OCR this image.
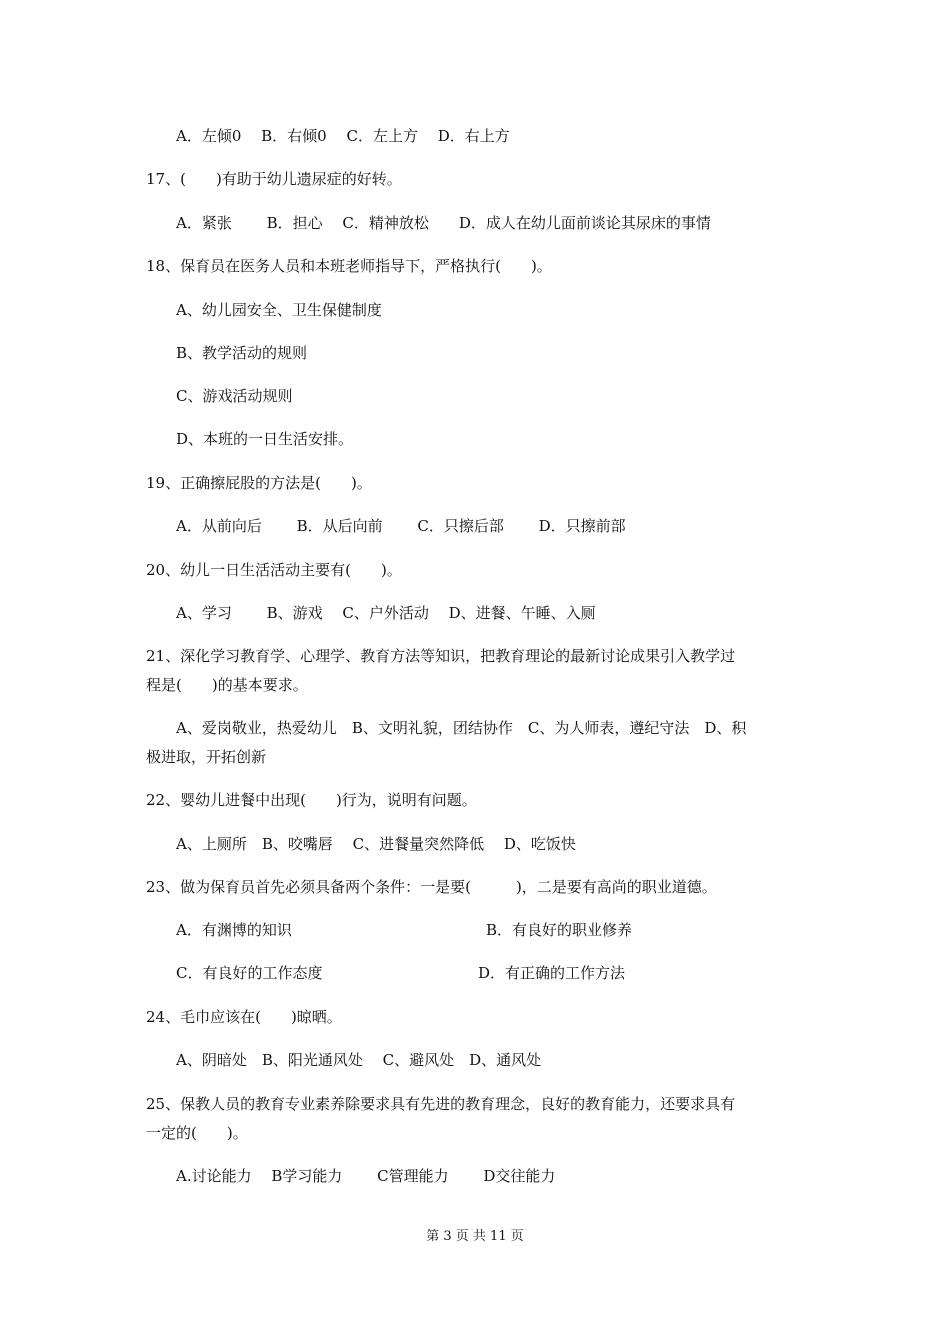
A．左倾0　 B．右倾0　 C．左上方　 D．右上方
17、(　　)有助于幼儿遗尿症的好转。
A．紧张　　 B．担心　 C．精神放松　　D．成人在幼儿面前谈论其尿床的事情
18、保育员在医务人员和本班老师指导下，严格执行(　　)。
A、幼儿园安全、卫生保健制度
B、教学活动的规则
C、游戏活动规则
D、本班的一日生活安排。
19、正确擦屁股的方法是(　　)。
A．从前向后　　 B．从后向前　　 C．只擦后部　　 D．只擦前部
20、幼儿一日生活活动主要有(　　)。
A、学习　　 B、游戏　 C、户外活动　 D、进餐、午睡、入厕
21、深化学习教育学、心理学、教育方法等知识，把教育理论的最新讨论成果引入教学过
程是(　　)的基本要求。
A、爱岗敬业，热爱幼儿　B、文明礼貌，团结协作　C、为人师表，遵纪守法　D、积
极进取，开拓创新
22、婴幼儿进餐中出现(　　)行为，说明有问题。
A、上厕所　B、咬嘴唇　 C、进餐量突然降低　 D、吃饭快
23、做为保育员首先必须具备两个条件：一是要(　　　)，二是要有高尚的职业道德。
A．有渊博的知识	B．有良好的职业修养
C．有良好的工作态度	D．有正确的工作方法
24、毛巾应该在(　　)晾晒。
A、阴暗处　B、阳光通风处　 C、避风处　D、通风处
25、保教人员的教育专业素养除要求具有先进的教育理念，良好的教育能力，还要求具有
一定的(　　)。
A.讨论能力　 B学习能力　　 C管理能力　　 D交往能力
第 3 页 共 11 页
